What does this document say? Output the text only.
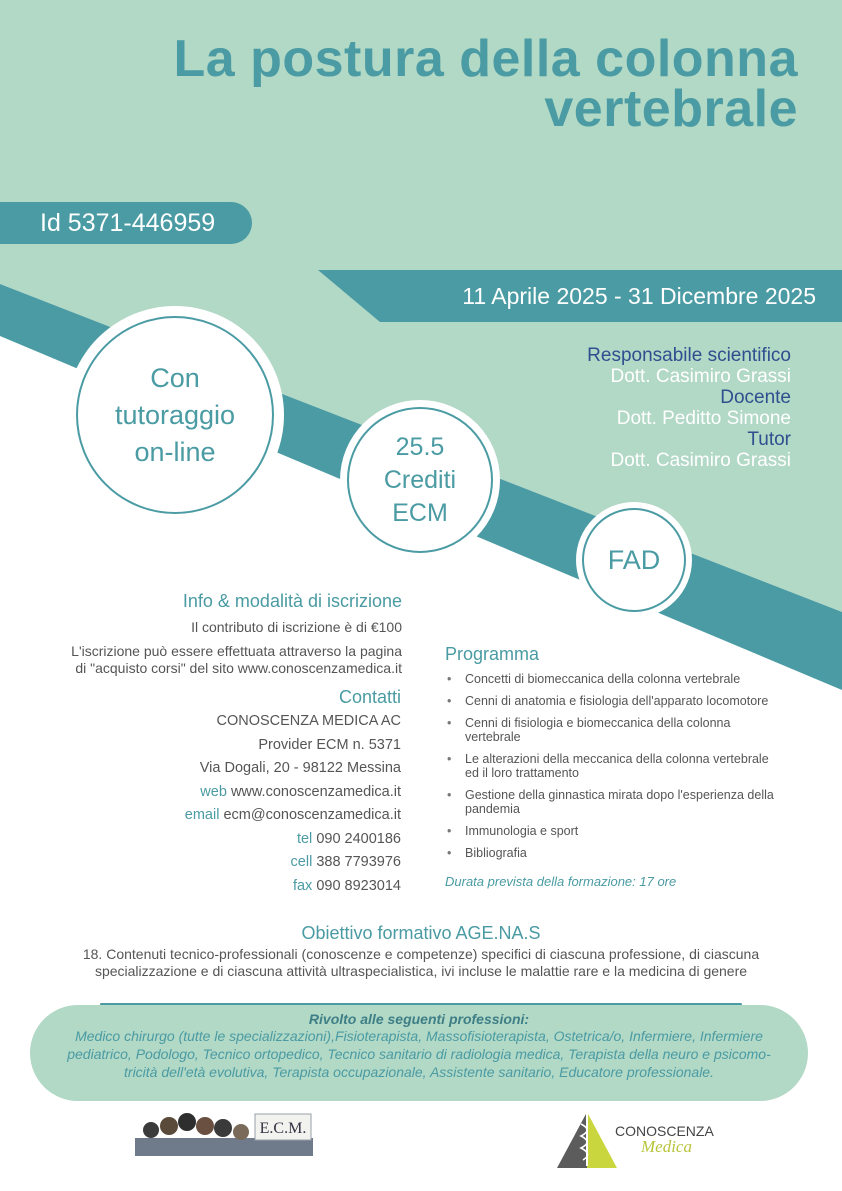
La postura della colonna
vertebrale
Id 5371-446959
11 Aprile 2025 - 31 Dicembre 2025
Con
tutoraggio
on-line	25.5
Crediti
ECM
FAD
Responsabile scientifico
Dott. Casimiro Grassi
Docente
Dott. Peditto Simone
Tutor
Dott. Casimiro Grassi
Info & modalità di iscrizione
Il contributo di iscrizione è di €100
L'iscrizione può essere effettuata attraverso la pagina
di "acquisto corsi" del sito www.conoscenzamedica.it
Contatti
CONOSCENZA MEDICA AC
Provider ECM n. 5371
Via Dogali, 20 - 98122 Messina
web www.conoscenzamedica.it
email ecm@conoscenzamedica.it
tel 090 2400186
cell 388 7793976
fax 090 8923014
Programma
• Concetti di biomeccanica della colonna vertebrale
• Cenni di anatomia e fisiologia dell'apparato locomotore
• Cenni di fisiologia e biomeccanica della colonna
vertebrale
• Le alterazioni della meccanica della colonna vertebrale
ed il loro trattamento
• Gestione della ginnastica mirata dopo l'esperienza della
pandemia
• Immunologia e sport
• Bibliografia
Durata prevista della formazione: 17 ore
Obiettivo formativo AGE.NA.S
18. Contenuti tecnico-professionali (conoscenze e competenze) specifici di ciascuna professione, di ciascuna
specializzazione e di ciascuna attività ultraspecialistica, ivi incluse le malattie rare e la medicina di genere
Rivolto alle seguenti professioni:
Medico chirurgo (tutte le specializzazioni),Fisioterapista, Massofisioterapista, Ostetrica/o, Infermiere, Infermiere
pediatrico, Podologo, Tecnico ortopedico, Tecnico sanitario di radiologia medica, Terapista della neuro e psicomo-
tricità dell'età evolutiva, Terapista occupazionale, Assistente sanitario, Educatore professionale.
E.C.M.	CONOSCENZA
Medica
